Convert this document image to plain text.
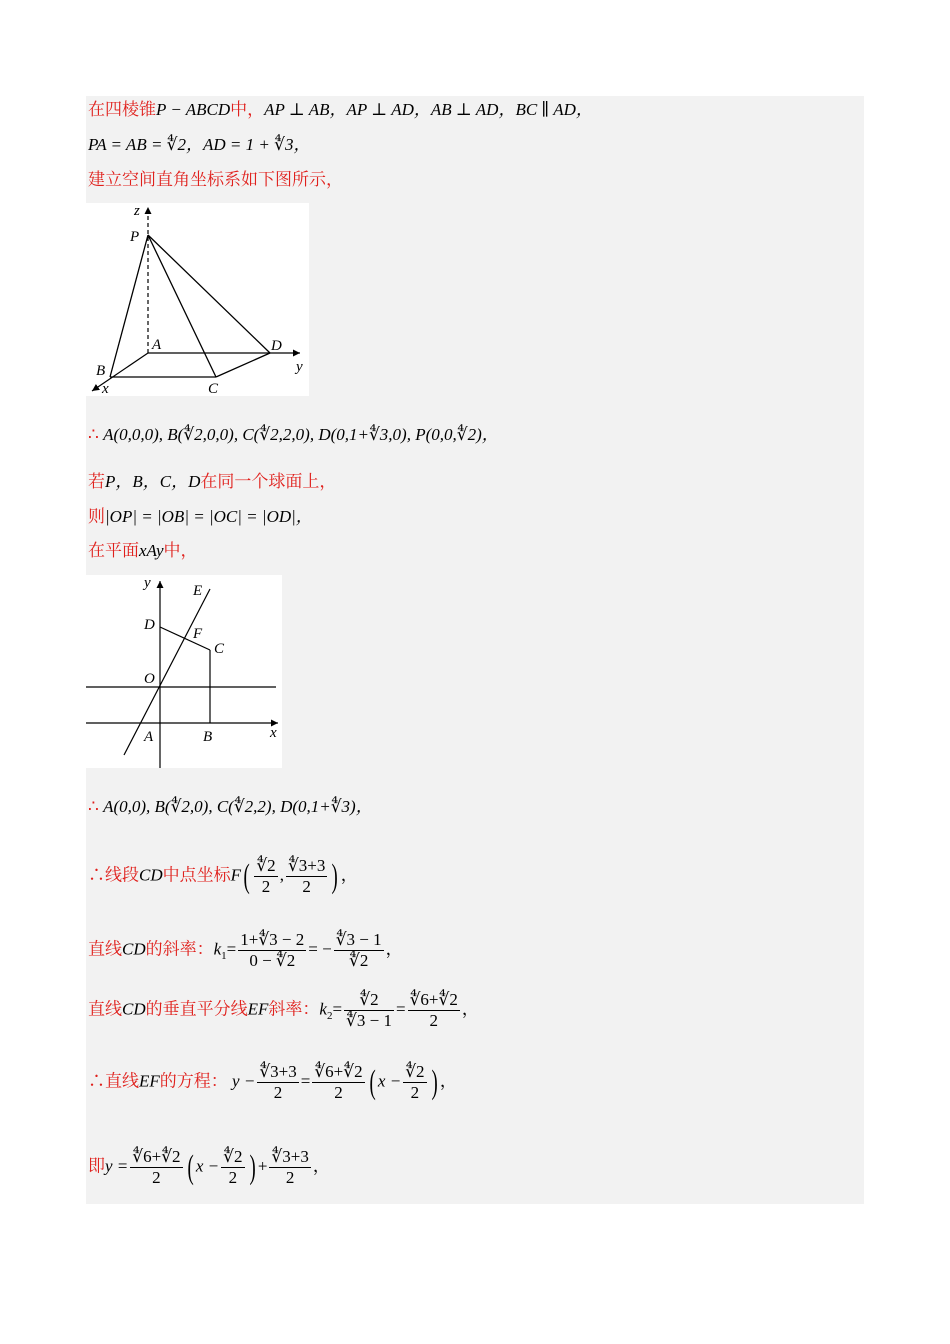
在四棱锥P − ABCD中，AP ⊥ AB，AP ⊥ AD，AB ⊥ AD，BC ∥ AD，
PA = AB = ∜2，AD = 1 + ∜3，
建立空间直角坐标系如下图所示，
z
P
A	D
y
B
x	C
∴ A(0,0,0), B(∜2,0,0), C(∜2,2,0), D(0,1+∜3,0), P(0,0,∜2)，
若P，B，C，D在同一个球面上，
则|OP| = |OB| = |OC| = |OD|，
在平面xAy中，
y	E
D
F
C
O
A	B	x
∴ A(0,0), B(∜2,0), C(∜2,2), D(0,1+∜3)，
∴线段CD中点坐标$F( \frac{∜2}{2}$ , $\frac{∜3+3}{2}$ ) ，
直线CD的斜率：$k_1= \frac{1+∜3 - 2}{0 - ∜2}$ = − $\frac{∜3 - 1}{∜2}$ ，
直线CD的垂直平分线EF斜率：$k_2= \frac{∜2}{∜3 - 1} = \frac{∜6+∜2}{2}$ ，
∴直线EF的方程： $y - \frac{∜3+3}{2} = \frac{∜6+∜2}{2}$ ( $x - \frac{∜2}{2}$ ) ，
即$y = \frac{∜6+∜2}{2}$ ( $x - \frac{∜2}{2}$ ) + $\frac{∜3+3}{2}$ ，
